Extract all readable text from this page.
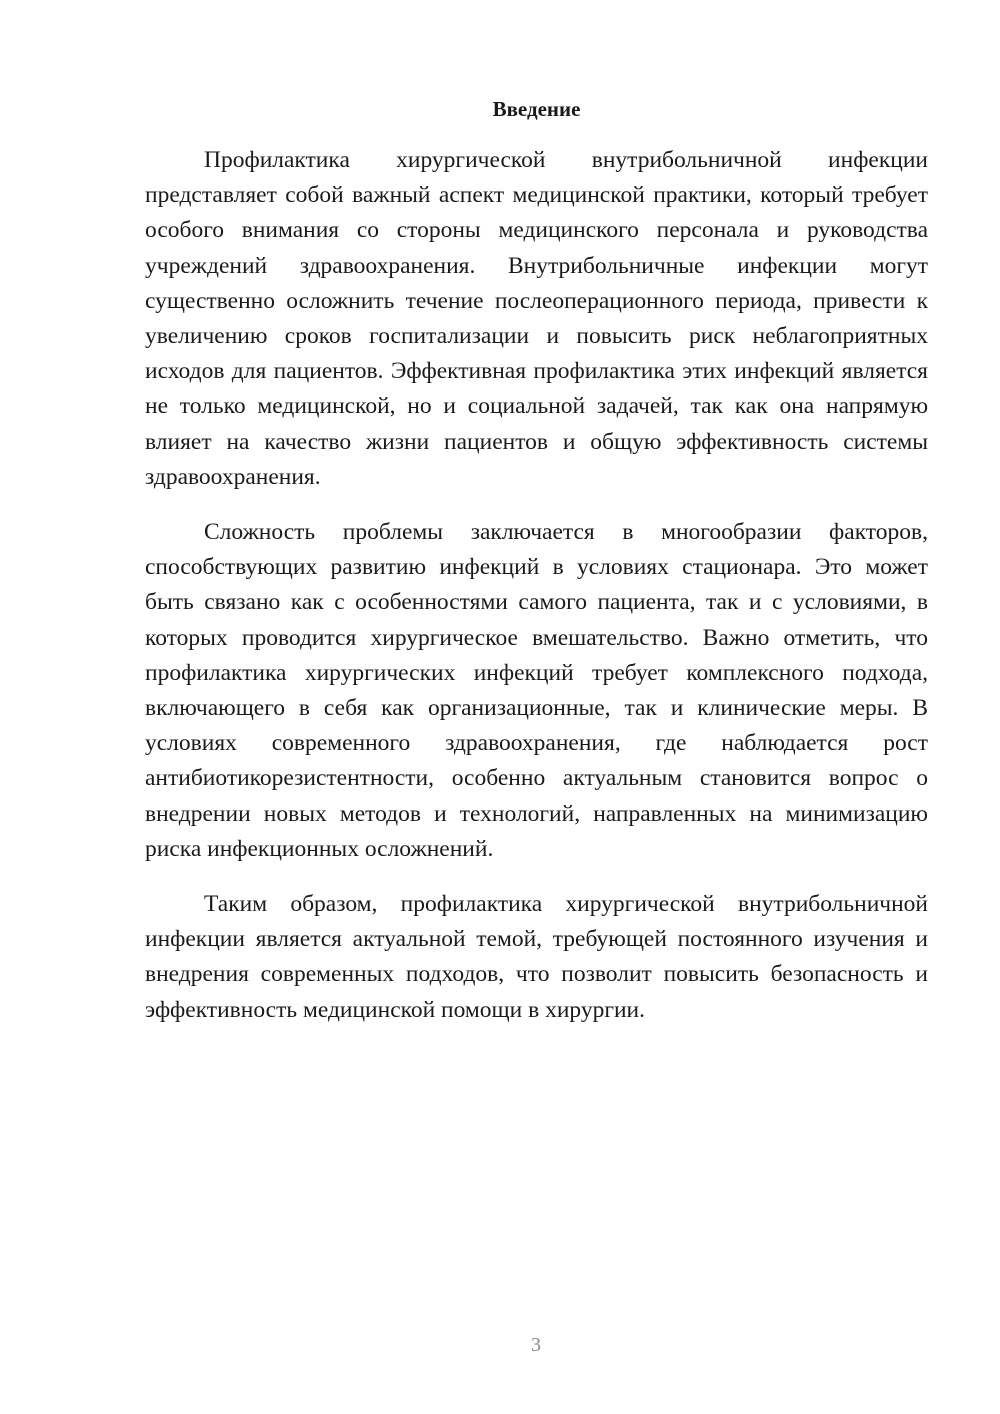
Введение

Профилактика хирургической внутрибольничной инфекции представляет собой важный аспект медицинской практики, который требует особого внимания со стороны медицинского персонала и руководства учреждений здравоохранения. Внутрибольничные инфекции могут существенно осложнить течение послеоперационного периода, привести к увеличению сроков госпитализации и повысить риск неблагоприятных исходов для пациентов. Эффективная профилактика этих инфекций является не только медицинской, но и социальной задачей, так как она напрямую влияет на качество жизни пациентов и общую эффективность системы здравоохранения.

Сложность проблемы заключается в многообразии факторов, способствующих развитию инфекций в условиях стационара. Это может быть связано как с особенностями самого пациента, так и с условиями, в которых проводится хирургическое вмешательство. Важно отметить, что профилактика хирургических инфекций требует комплексного подхода, включающего в себя как организационные, так и клинические меры. В условиях современного здравоохранения, где наблюдается рост антибиотикорезистентности, особенно актуальным становится вопрос о внедрении новых методов и технологий, направленных на минимизацию риска инфекционных осложнений.

Таким образом, профилактика хирургической внутрибольничной инфекции является актуальной темой, требующей постоянного изучения и внедрения современных подходов, что позволит повысить безопасность и эффективность медицинской помощи в хирургии.

3
